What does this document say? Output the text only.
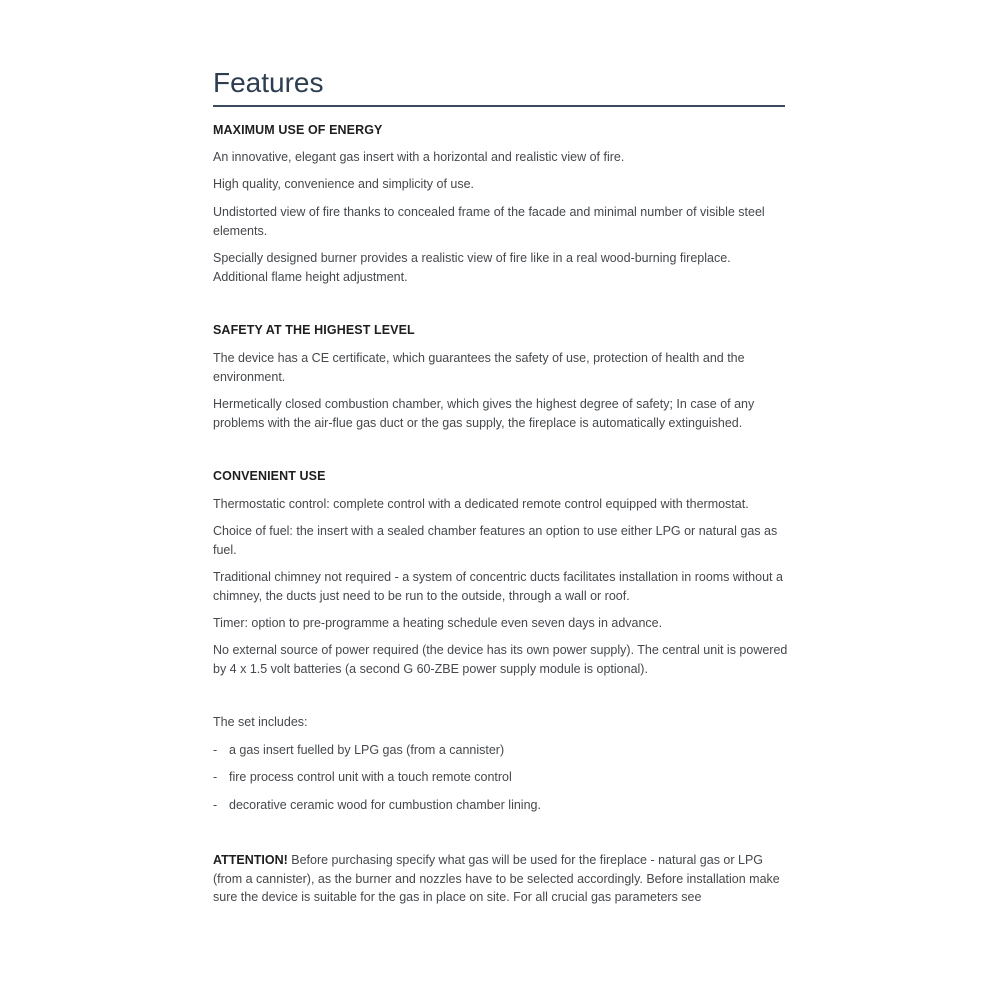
Features

MAXIMUM USE OF ENERGY

An innovative, elegant gas insert with a horizontal and realistic view of fire.

High quality, convenience and simplicity of use.

Undistorted view of fire thanks to concealed frame of the facade and minimal number of visible steel elements.

Specially designed burner provides a realistic view of fire like in a real wood-burning fireplace. Additional flame height adjustment.

SAFETY AT THE HIGHEST LEVEL

The device has a CE certificate, which guarantees the safety of use, protection of health and the environment.

Hermetically closed combustion chamber, which gives the highest degree of safety; In case of any problems with the air-flue gas duct or the gas supply, the fireplace is automatically extinguished.

CONVENIENT USE

Thermostatic control: complete control with a dedicated remote control equipped with thermostat.

Choice of fuel: the insert with a sealed chamber features an option to use either LPG or natural gas as fuel.

Traditional chimney not required - a system of concentric ducts facilitates installation in rooms without a chimney, the ducts just need to be run to the outside, through a wall or roof.

Timer: option to pre-programme a heating schedule even seven days in advance.

No external source of power required (the device has its own power supply). The central unit is powered by 4 x 1.5 volt batteries (a second G 60-ZBE power supply module is optional).

The set includes:

- a gas insert fuelled by LPG gas (from a cannister)

- fire process control unit with a touch remote control

- decorative ceramic wood for cumbustion chamber lining.

ATTENTION! Before purchasing specify what gas will be used for the fireplace - natural gas or LPG (from a cannister), as the burner and nozzles have to be selected accordingly. Before installation make sure the device is suitable for the gas in place on site. For all crucial gas parameters see
